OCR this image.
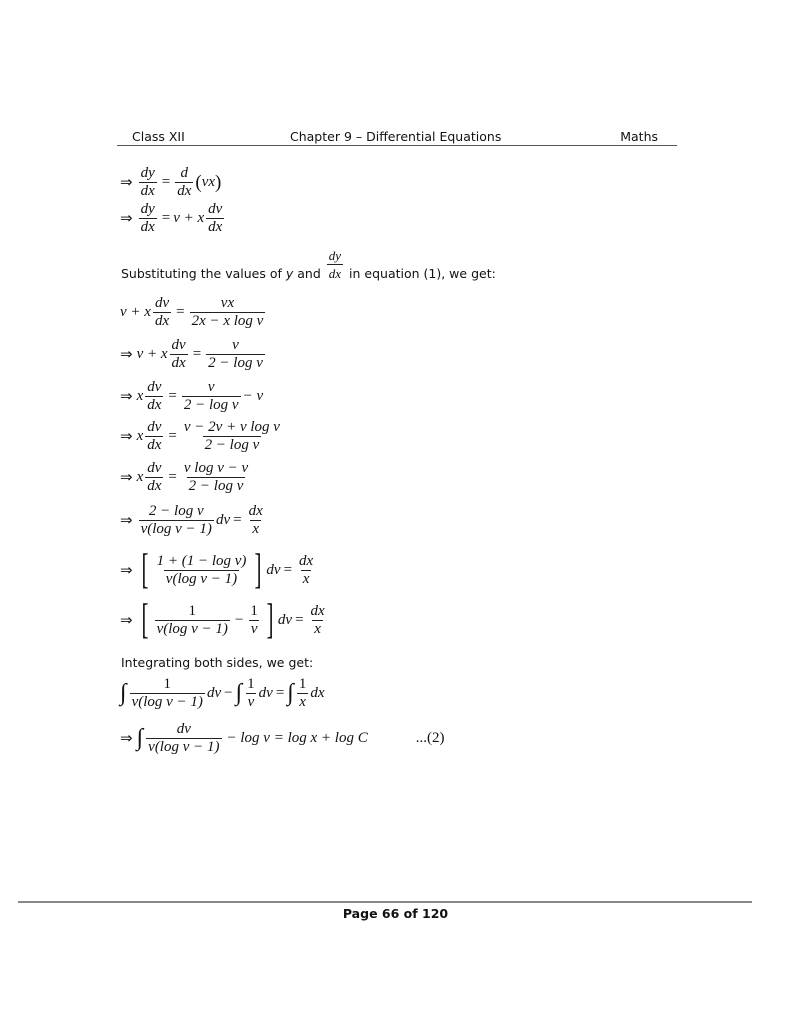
Class XII	Chapter 9 – Differential Equations	Maths
⇒ $\frac{dy}{dx} = \frac{d}{dx}$ ( vx )
⇒ $\frac{dy}{dx} = v + x \frac{dv}{dx}$
Substituting the values of
y
and
$\frac{dy}{dx}$
in equation (1), we get:
v + x $\frac{dv}{dx} = \frac{vx}{\text{2x − x log v}}$
⇒ v + x $\frac{dv}{dx} = \frac{v}{\text{2 − log v}}$
⇒ x $\frac{dv}{dx} = \frac{v}{\text{2 − log v}} - v$
⇒ x $\frac{dv}{dx} = \frac{\text{v − 2v + v log v}}{\text{2 − log v}}$
⇒ x $\frac{dv}{dx} = \frac{\text{v log v − v}}{\text{2 − log v}}$
⇒ $\frac{\text{2 − log v}}{\text{v(log v − 1)}}$ dv = $\frac{dx}{x}$
⇒ [ $\frac{\text{1 + (1 − log v)}}{\text{v(log v − 1)}}$ ] dv = $\frac{dx}{x}$
⇒ [ $\frac{1}{\text{v(log v − 1)}} - \frac{1}{v}$ ] dv = $\frac{dx}{x}$
Integrating both sides, we get:
∫ $\frac{1}{\text{v(log v − 1)}}$ dv − ∫ $\frac{1}{v}$ dv = ∫ $\frac{1}{x}$ dx
⇒ ∫ $\frac{dv}{\text{v(log v − 1)}} - \log v = \log x + \log C$	...(2)
Page 66 of 120
